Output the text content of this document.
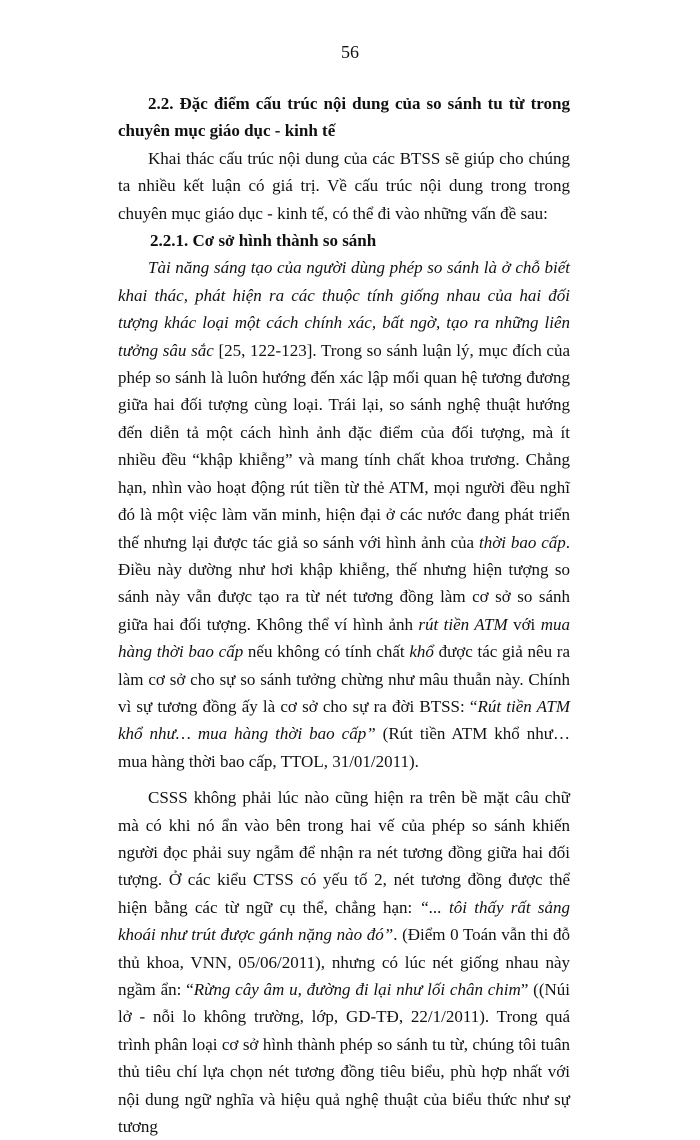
56

2.2. Đặc điểm cấu trúc nội dung của so sánh tu từ trong chuyên mục giáo dục - kinh tế

Khai thác cấu trúc nội dung của các BTSS sẽ giúp cho chúng ta nhiều kết luận có giá trị. Về cấu trúc nội dung trong trong chuyên mục giáo dục - kinh tế, có thể đi vào những vấn đề sau:

2.2.1. Cơ sở hình thành so sánh

Tài năng sáng tạo của người dùng phép so sánh là ở chỗ biết khai thác, phát hiện ra các thuộc tính giống nhau của hai đối tượng khác loại một cách chính xác, bất ngờ, tạo ra những liên tưởng sâu sắc [25, 122-123]. Trong so sánh luận lý, mục đích của phép so sánh là luôn hướng đến xác lập mối quan hệ tương đương giữa hai đối tượng cùng loại. Trái lại, so sánh nghệ thuật hướng đến diễn tả một cách hình ảnh đặc điểm của đối tượng, mà ít nhiều đều “khập khiễng” và mang tính chất khoa trương. Chẳng hạn, nhìn vào hoạt động rút tiền từ thẻ ATM, mọi người đều nghĩ đó là một việc làm văn minh, hiện đại ở các nước đang phát triển thế nhưng lại được tác giả so sánh với hình ảnh của thời bao cấp. Điều này dường như hơi khập khiễng, thế nhưng hiện tượng so sánh này vẫn được tạo ra từ nét tương đồng làm cơ sở so sánh giữa hai đối tượng. Không thể ví hình ảnh rút tiền ATM với mua hàng thời bao cấp nếu không có tính chất khổ được tác giả nêu ra làm cơ sở cho sự so sánh tưởng chừng như mâu thuẫn này. Chính vì sự tương đồng ấy là cơ sở cho sự ra đời BTSS: “Rút tiền ATM khổ như… mua hàng thời bao cấp” (Rút tiền ATM khổ như… mua hàng thời bao cấp, TTOL, 31/01/2011).

CSSS không phải lúc nào cũng hiện ra trên bề mặt câu chữ mà có khi nó ẩn vào bên trong hai vế của phép so sánh khiến người đọc phải suy ngẫm để nhận ra nét tương đồng giữa hai đối tượng. Ở các kiểu CTSS có yếu tố 2, nét tương đồng được thể hiện bằng các từ ngữ cụ thể, chẳng hạn: “... tôi thấy rất sảng khoái như trút được gánh nặng nào đó”. (Điểm 0 Toán vẫn thi đỗ thủ khoa, VNN, 05/06/2011), nhưng có lúc nét giống nhau này ngầm ẩn: “Rừng cây âm u, đường đi lại như lối chân chim” ((Núi lở - nỗi lo không trường, lớp, GD-TĐ, 22/1/2011). Trong quá trình phân loại cơ sở hình thành phép so sánh tu từ, chúng tôi tuân thủ tiêu chí lựa chọn nét tương đồng tiêu biểu, phù hợp nhất với nội dung ngữ nghĩa và hiệu quả nghệ thuật của biểu thức như sự tương
